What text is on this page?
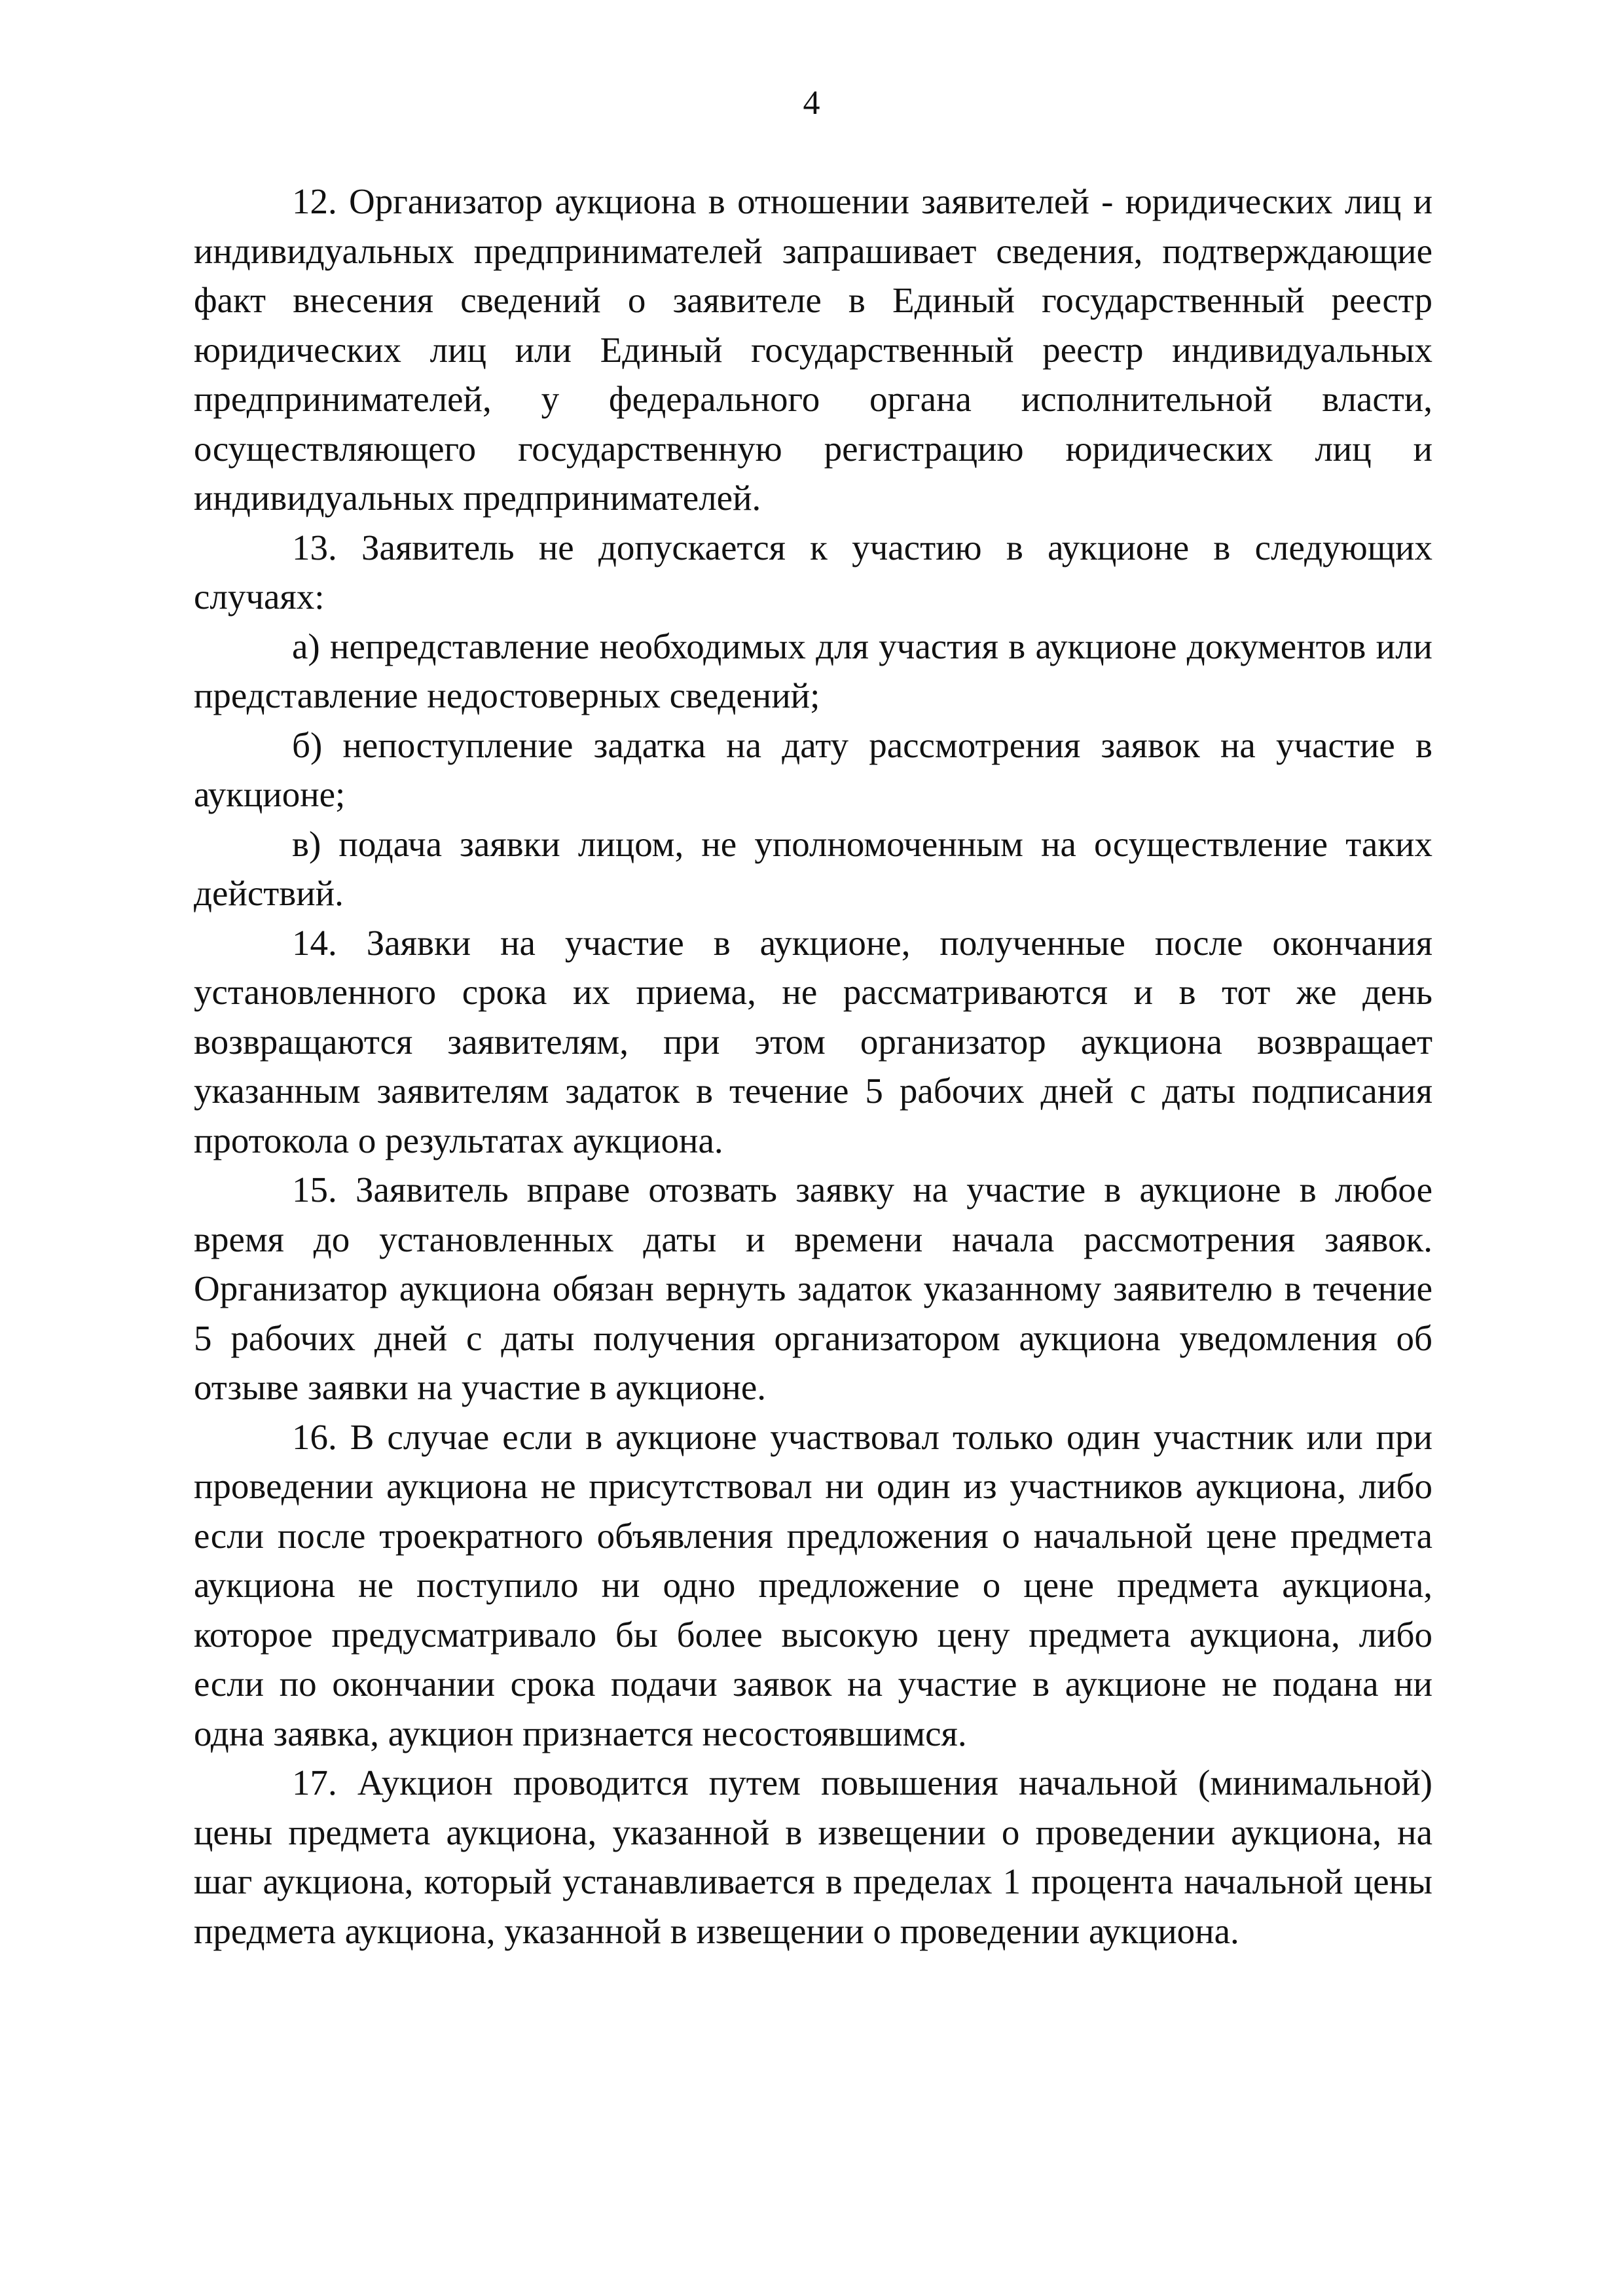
4

12. Организатор аукциона в отношении заявителей - юридических лиц и индивидуальных предпринимателей запрашивает сведения, подтверждающие факт внесения сведений о заявителе в Единый государственный реестр юридических лиц или Единый государственный реестр индивидуальных предпринимателей, у федерального органа исполнительной власти, осуществляющего государственную регистрацию юридических лиц и индивидуальных предпринимателей.

13. Заявитель не допускается к участию в аукционе в следующих случаях:

а) непредставление необходимых для участия в аукционе документов или представление недостоверных сведений;

б) непоступление задатка на дату рассмотрения заявок на участие в аукционе;

в) подача заявки лицом, не уполномоченным на осуществление таких действий.

14. Заявки на участие в аукционе, полученные после окончания установленного срока их приема, не рассматриваются и в тот же день возвращаются заявителям, при этом организатор аукциона возвращает указанным заявителям задаток в течение 5 рабочих дней с даты подписания протокола о результатах аукциона.

15. Заявитель вправе отозвать заявку на участие в аукционе в любое время до установленных даты и времени начала рассмотрения заявок. Организатор аукциона обязан вернуть задаток указанному заявителю в течение 5 рабочих дней с даты получения организатором аукциона уведомления об отзыве заявки на участие в аукционе.

16. В случае если в аукционе участвовал только один участник или при проведении аукциона не присутствовал ни один из участников аукциона, либо если после троекратного объявления предложения о начальной цене предмета аукциона не поступило ни одно предложение о цене предмета аукциона, которое предусматривало бы более высокую цену предмета аукциона, либо если по окончании срока подачи заявок на участие в аукционе не подана ни одна заявка, аукцион признается несостоявшимся.

17. Аукцион проводится путем повышения начальной (минимальной) цены предмета аукциона, указанной в извещении о проведении аукциона, на шаг аукциона, который устанавливается в пределах 1 процента начальной цены предмета аукциона, указанной в извещении о проведении аукциона.
